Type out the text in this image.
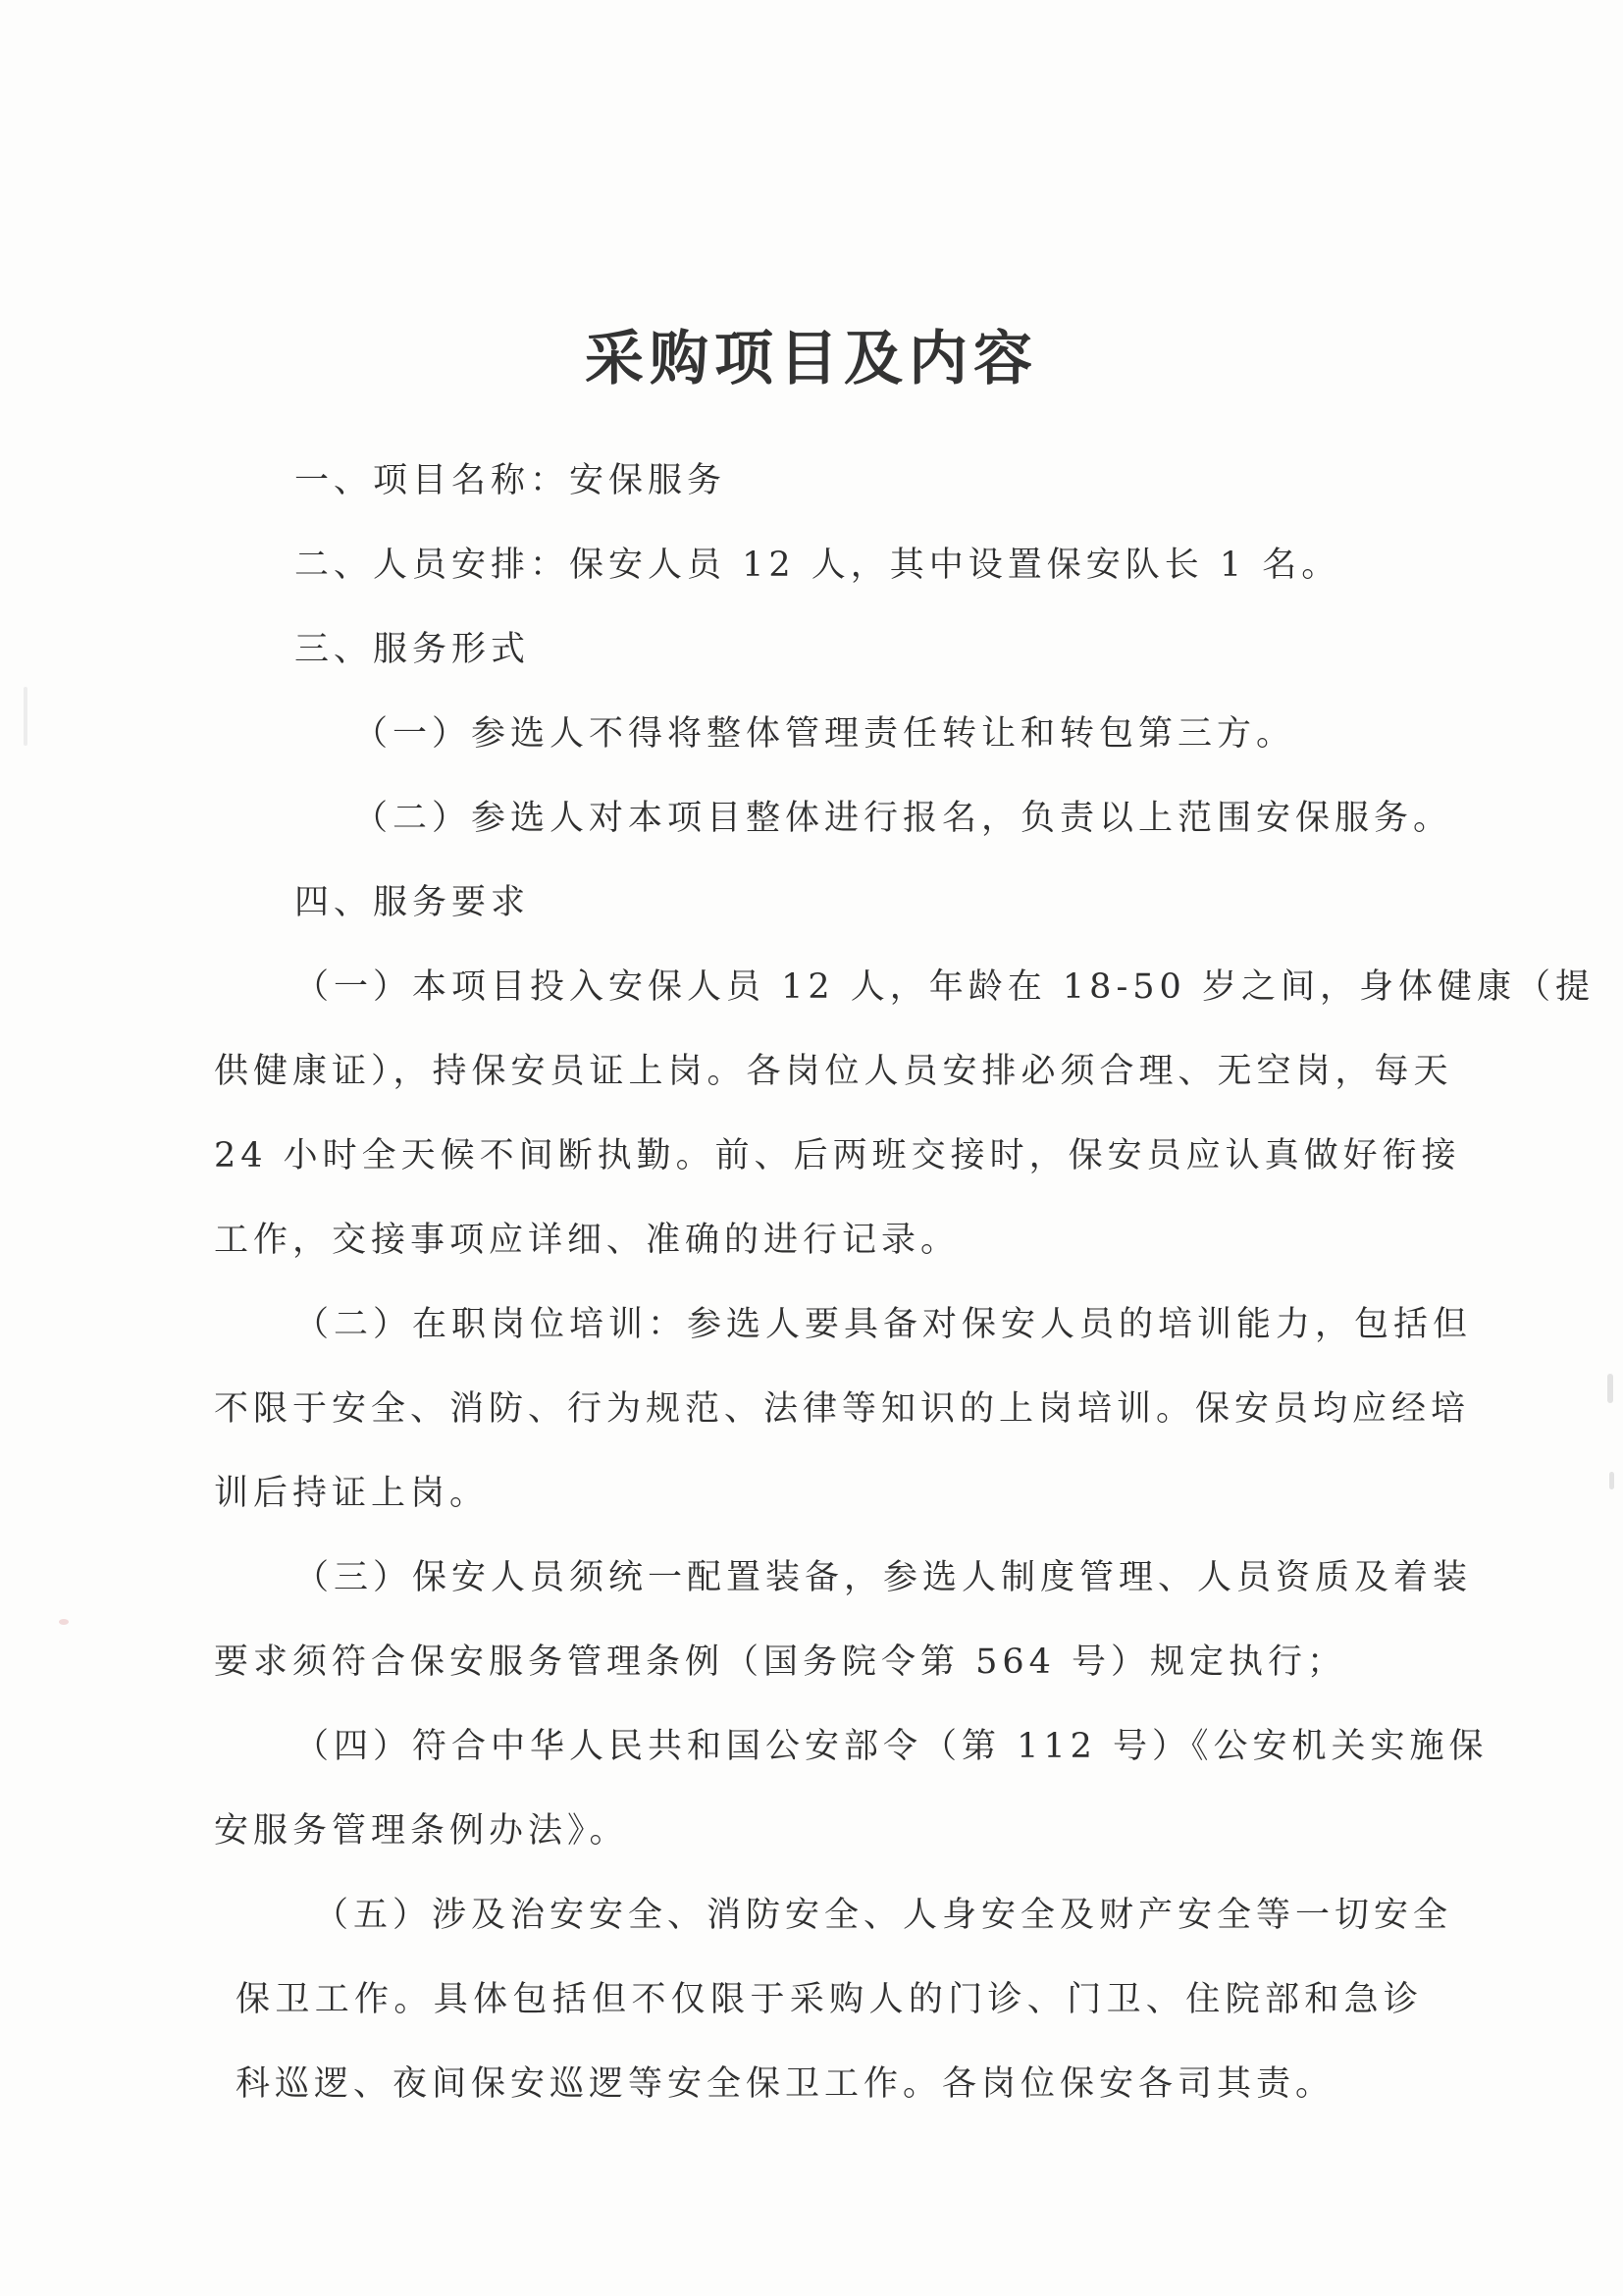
采购项目及内容
一、项目名称：安保服务
二、人员安排：保安人员 12 人，其中设置保安队长 1 名。
三、服务形式
（一）参选人不得将整体管理责任转让和转包第三方。
（二）参选人对本项目整体进行报名，负责以上范围安保服务。
四、服务要求
（一）本项目投入安保人员 12 人，年龄在 18-50 岁之间，身体健康（提
供健康证），持保安员证上岗。各岗位人员安排必须合理、无空岗，每天
24 小时全天候不间断执勤。前、后两班交接时，保安员应认真做好衔接
工作，交接事项应详细、准确的进行记录。
（二）在职岗位培训：参选人要具备对保安人员的培训能力，包括但
不限于安全、消防、行为规范、法律等知识的上岗培训。保安员均应经培
训后持证上岗。
（三）保安人员须统一配置装备，参选人制度管理、人员资质及着装
要求须符合保安服务管理条例（国务院令第 564 号）规定执行；
（四）符合中华人民共和国公安部令（第 112 号）《公安机关实施保
安服务管理条例办法》。
（五）涉及治安安全、消防安全、人身安全及财产安全等一切安全
保卫工作。具体包括但不仅限于采购人的门诊、门卫、住院部和急诊
科巡逻、夜间保安巡逻等安全保卫工作。各岗位保安各司其责。
